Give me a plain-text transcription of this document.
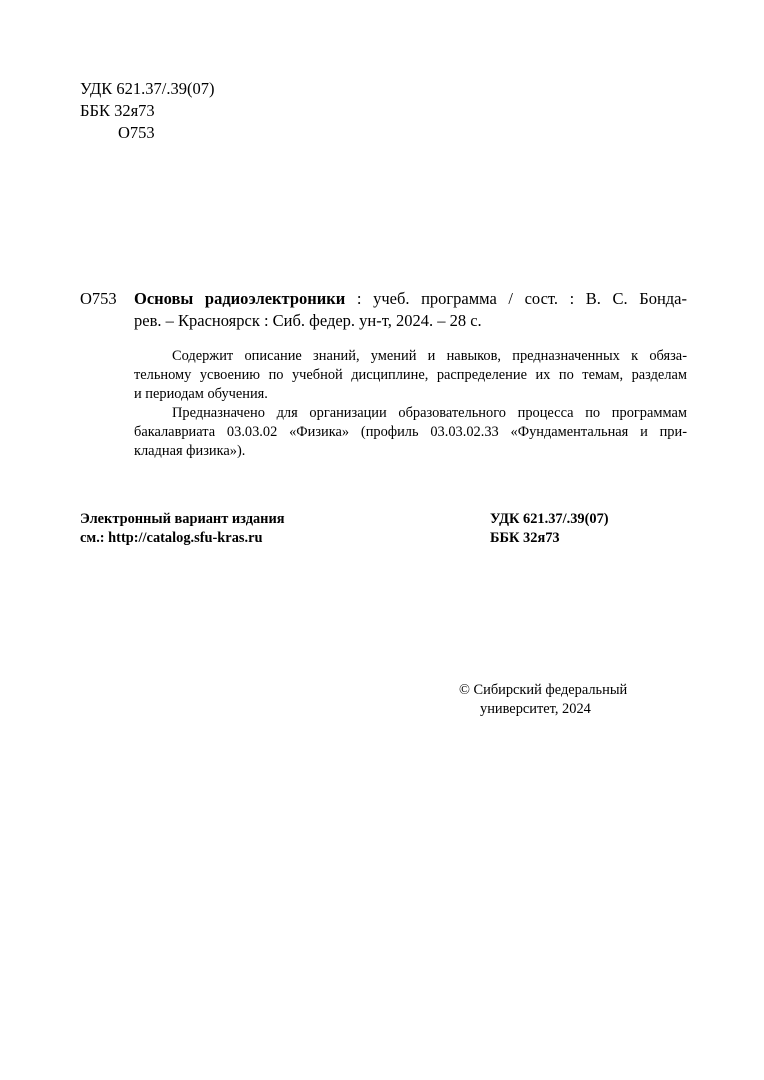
УДК 621.37/.39(07)
ББК 32я73
О753
О753 Основы радиоэлектроники : учеб. программа / сост. : В. С. Бонда-
рев. – Красноярск : Сиб. федер. ун-т, 2024. – 28 с.
Содержит описание знаний, умений и навыков, предназначенных к обяза-
тельному усвоению по учебной дисциплине, распределение их по темам, разделам
и периодам обучения.
Предназначено для организации образовательного процесса по программам
бакалавриата 03.03.02 «Физика» (профиль 03.03.02.33 «Фундаментальная и при-
кладная физика»).
Электронный вариант издания
см.: http://catalog.sfu-kras.ru
УДК 621.37/.39(07)
ББК 32я73
© Сибирский федеральный
университет, 2024
